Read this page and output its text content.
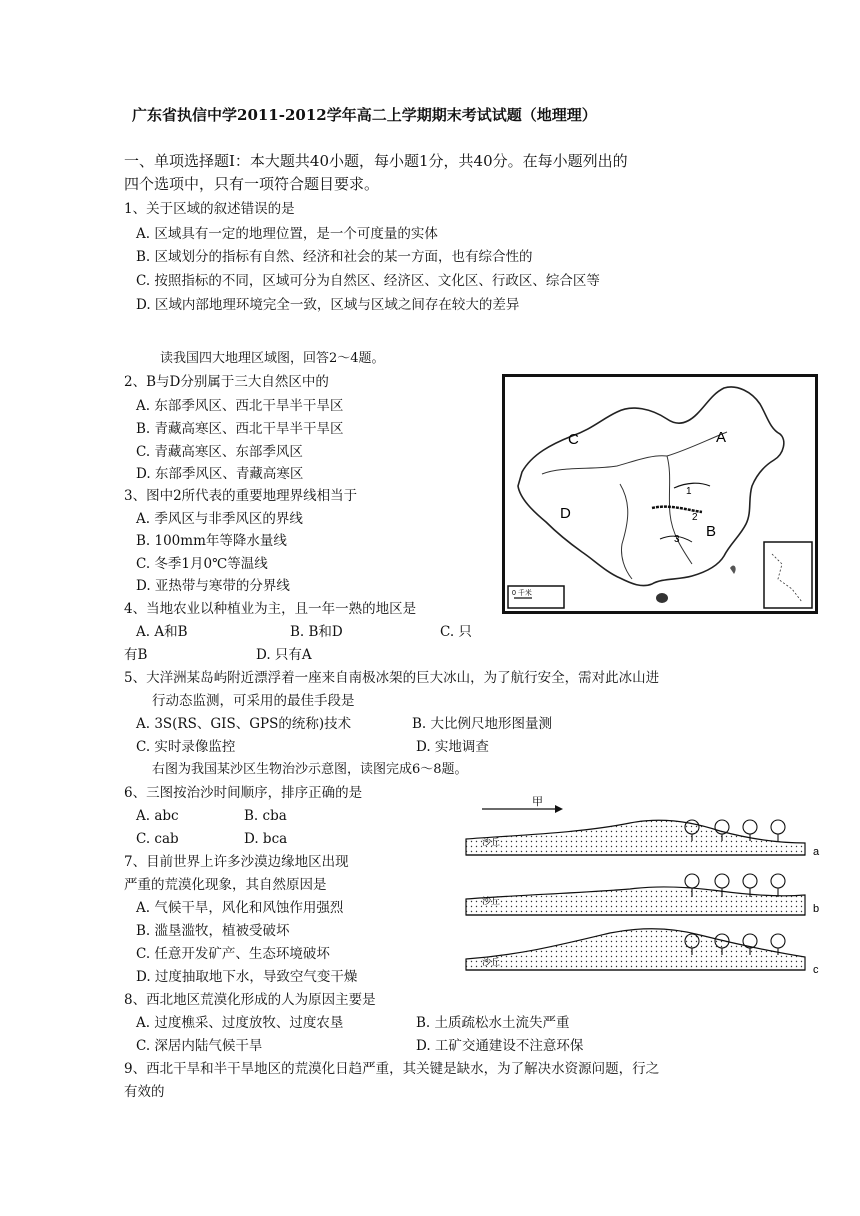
广东省执信中学2011-2012学年高二上学期期末考试试题（地理理）
一、单项选择题Ⅰ：本大题共40小题，每小题1分，共40分。在每小题列出的
四个选项中，只有一项符合题目要求。
1、关于区域的叙述错误的是
A. 区域具有一定的地理位置，是一个可度量的实体
B. 区域划分的指标有自然、经济和社会的某一方面，也有综合性的
C. 按照指标的不同，区域可分为自然区、经济区、文化区、行政区、综合区等
D. 区域内部地理环境完全一致，区域与区域之间存在较大的差异
读我国四大地理区域图，回答2～4题。
2、B与D分别属于三大自然区中的
A. 东部季风区、西北干旱半干旱区
B. 青藏高寒区、西北干旱半干旱区
C. 青藏高寒区、东部季风区
D. 东部季风区、青藏高寒区
3、图中2所代表的重要地理界线相当于
A. 季风区与非季风区的界线
B. 100mm年等降水量线
C. 冬季1月0℃等温线
D. 亚热带与寒带的分界线
4、当地农业以种植业为主，且一年一熟的地区是
A. A和B	B. B和D	C. 只
有B	D. 只有A
5、大洋洲某岛屿附近漂浮着一座来自南极冰架的巨大冰山，为了航行安全，需对此冰山进
行动态监测，可采用的最佳手段是
A. 3S(RS、GIS、GPS的统称)技术	B. 大比例尺地形图量测
C. 实时录像监控	D. 实地调查
右图为我国某沙区生物治沙示意图，读图完成6～8题。
6、三图按治沙时间顺序，排序正确的是
A. abc	B. cba
C. cab	D. bca
7、目前世界上许多沙漠边缘地区出现
严重的荒漠化现象，其自然原因是
A. 气候干旱，风化和风蚀作用强烈
B. 滥垦滥牧，植被受破坏
C. 任意开发矿产、生态环境破坏
D. 过度抽取地下水，导致空气变干燥
8、西北地区荒漠化形成的人为原因主要是
A. 过度樵采、过度放牧、过度农垦	B. 土质疏松水土流失严重
C. 深居内陆气候干旱	D. 工矿交通建设不注意环保
9、西北干旱和半干旱地区的荒漠化日趋严重，其关键是缺水，为了解决水资源问题，行之
有效的
A
B
C
D
1
2
3
0 千米
甲
沙丘
a
沙丘
b
沙丘
c
